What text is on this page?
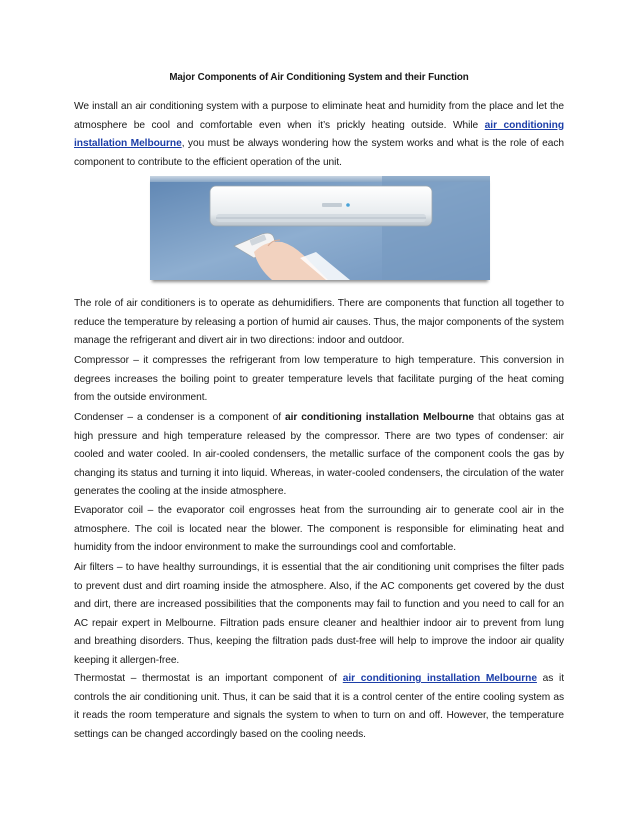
Major Components of Air Conditioning System and their Function

We install an air conditioning system with a purpose to eliminate heat and humidity from the place and let the atmosphere be cool and comfortable even when it’s prickly heating outside. While air conditioning installation Melbourne, you must be always wondering how the system works and what is the role of each component to contribute to the efficient operation of the unit.

The role of air conditioners is to operate as dehumidifiers. There are components that function all together to reduce the temperature by releasing a portion of humid air causes. Thus, the major components of the system manage the refrigerant and divert air in two directions: indoor and outdoor.

Compressor – it compresses the refrigerant from low temperature to high temperature. This conversion in degrees increases the boiling point to greater temperature levels that facilitate purging of the heat coming from the outside environment.

Condenser – a condenser is a component of air conditioning installation Melbourne that obtains gas at high pressure and high temperature released by the compressor. There are two types of condenser: air cooled and water cooled. In air-cooled condensers, the metallic surface of the component cools the gas by changing its status and turning it into liquid. Whereas, in water-cooled condensers, the circulation of the water generates the cooling at the inside atmosphere.

Evaporator coil – the evaporator coil engrosses heat from the surrounding air to generate cool air in the atmosphere. The coil is located near the blower. The component is responsible for eliminating heat and humidity from the indoor environment to make the surroundings cool and comfortable.

Air filters – to have healthy surroundings, it is essential that the air conditioning unit comprises the filter pads to prevent dust and dirt roaming inside the atmosphere. Also, if the AC components get covered by the dust and dirt, there are increased possibilities that the components may fail to function and you need to call for an AC repair expert in Melbourne. Filtration pads ensure cleaner and healthier indoor air to prevent from lung and breathing disorders. Thus, keeping the filtration pads dust-free will help to improve the indoor air quality keeping it allergen-free.

Thermostat – thermostat is an important component of air conditioning installation Melbourne as it controls the air conditioning unit. Thus, it can be said that it is a control center of the entire cooling system as it reads the room temperature and signals the system to when to turn on and off. However, the temperature settings can be changed accordingly based on the cooling needs.
